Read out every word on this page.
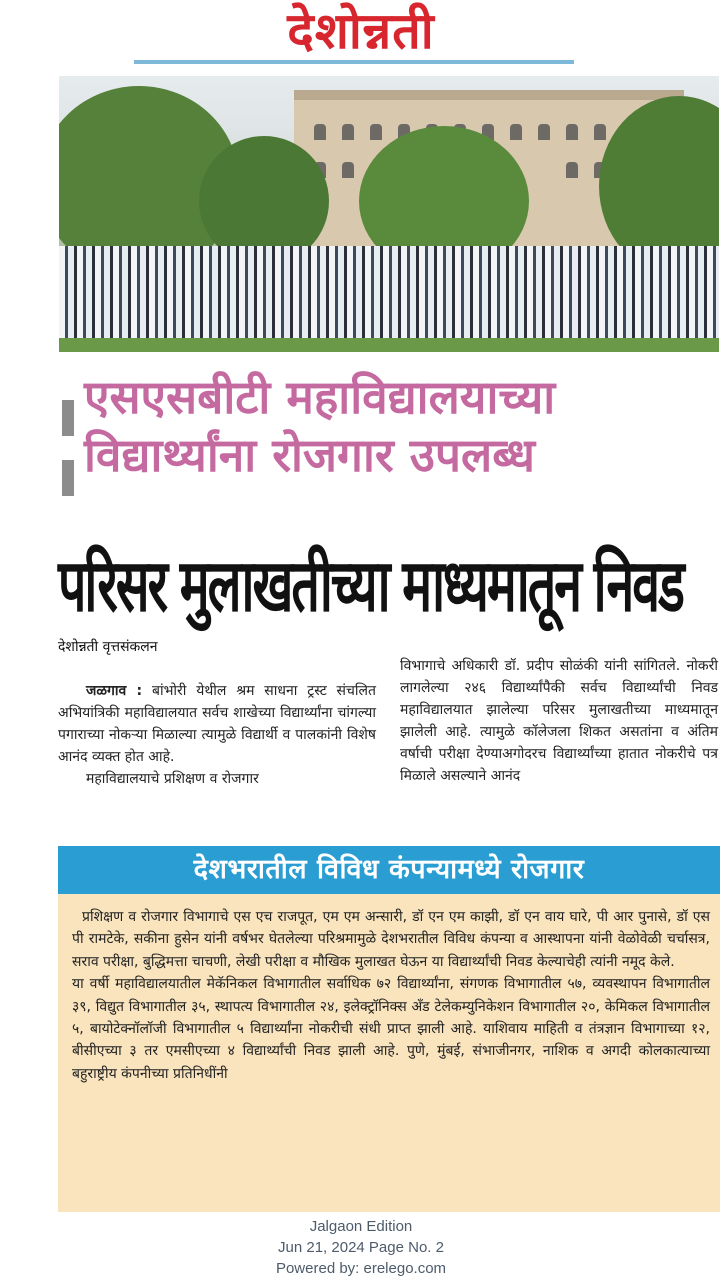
देशोन्नती
एसएसबीटी महाविद्यालयाच्या
विद्यार्थ्यांना रोजगार उपलब्ध
परिसर मुलाखतीच्या माध्यमातून निवड
देशोन्नती वृत्तसंकलन

जळगाव : बांभोरी येथील श्रम साधना ट्रस्ट संचलित अभियांत्रिकी महाविद्यालयात सर्वच शाखेच्या विद्यार्थ्यांना चांगल्या पगाराच्या नोकऱ्या मिळाल्या त्यामुळे विद्यार्थी व पालकांनी विशेष आनंद व्यक्त होत आहे.

महाविद्यालयाचे प्रशिक्षण व रोजगार

विभागाचे अधिकारी डॉ. प्रदीप सोळंकी यांनी सांगितले. नोकरी लागलेल्या २४६ विद्यार्थ्यांपैकी सर्वच विद्यार्थ्यांची निवड महाविद्यालयात झालेल्या परिसर मुलाखतीच्या माध्यमातून झालेली आहे. त्यामुळे कॉलेजला शिकत असतांना व अंतिम वर्षाची परीक्षा देण्याअगोदरच विद्यार्थ्यांच्या हातात नोकरीचे पत्र मिळाले असल्याने आनंद

देशभरातील विविध कंपन्यामध्ये रोजगार

प्रशिक्षण व रोजगार विभागाचे एस एच राजपूत, एम एम अन्सारी, डॉ एन एम काझी, डॉ एन वाय घारे, पी आर पुनासे, डॉ एस पी रामटेके, सकीना हुसेन यांनी वर्षभर घेतलेल्या परिश्रमामुळे देशभरातील विविध कंपन्या व आस्थापना यांनी वेळोवेळी चर्चासत्र, सराव परीक्षा, बुद्धिमत्ता चाचणी, लेखी परीक्षा व मौखिक मुलाखत घेऊन या विद्यार्थ्यांची निवड केल्याचेही त्यांनी नमूद केले.

या वर्षी महाविद्यालयातील मेकॅनिकल विभागातील सर्वाधिक ७२ विद्यार्थ्यांना, संगणक विभागातील ५७, व्यवस्थापन विभागातील ३९, विद्युत विभागातील ३५, स्थापत्य विभागातील २४, इलेक्ट्रॉनिक्स अँड टेलेकम्युनिकेशन विभागातील २०, केमिकल विभागातील ५, बायोटेक्नॉलॉजी विभागातील ५ विद्यार्थ्यांना नोकरीची संधी प्राप्त झाली आहे. याशिवाय माहिती व तंत्रज्ञान विभागाच्या १२, बीसीएच्या ३ तर एमसीएच्या ४ विद्यार्थ्यांची निवड झाली आहे. पुणे, मुंबई, संभाजीनगर, नाशिक व अगदी कोलकात्याच्या बहुराष्ट्रीय कंपनीच्या प्रतिनिधींनी

Jalgaon Edition
Jun 21, 2024 Page No. 2
Powered by: erelego.com
